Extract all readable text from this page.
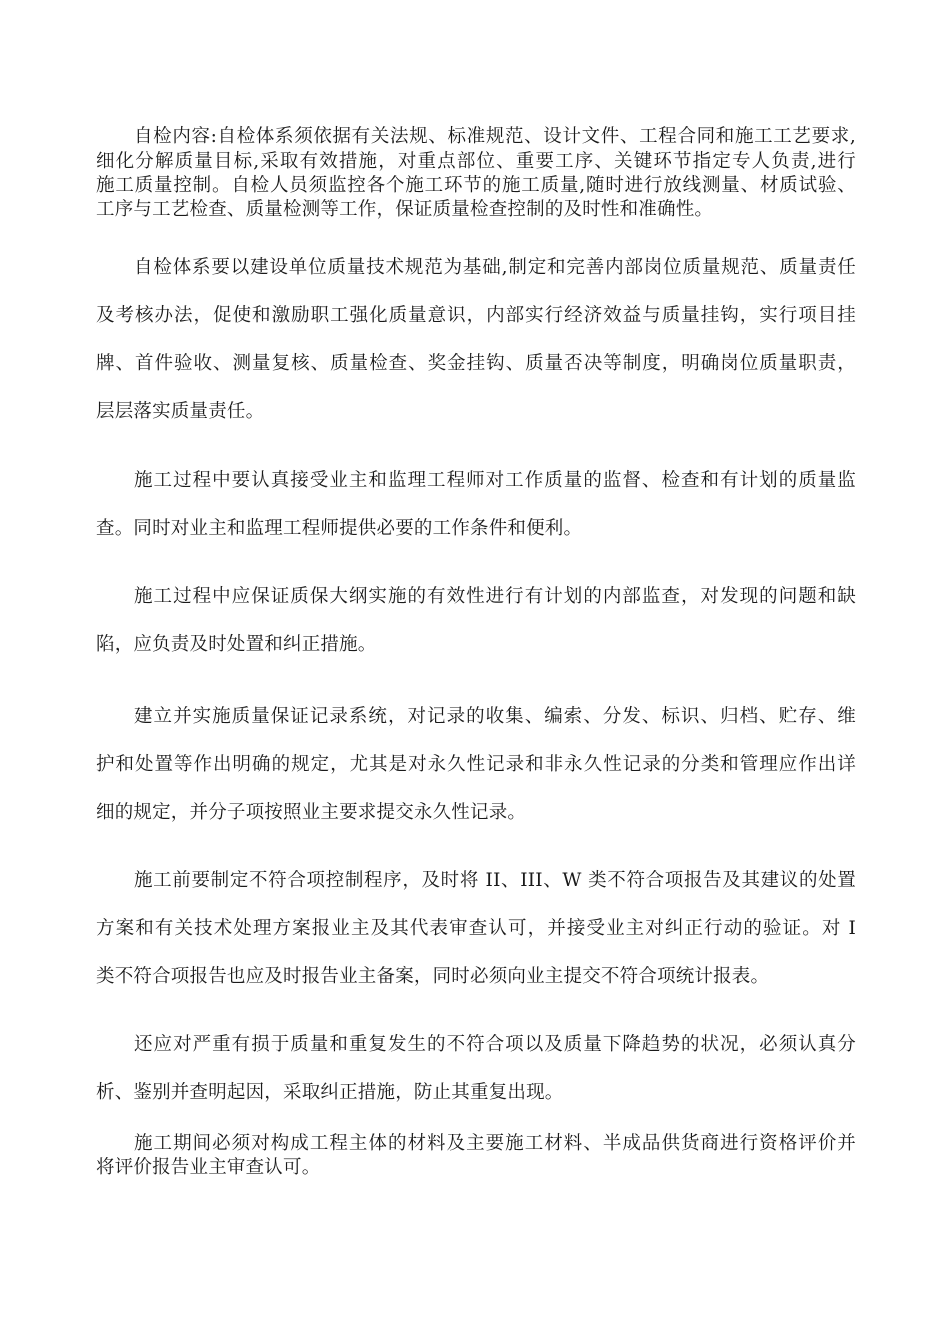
自检内容:自检体系须依据有关法规、标准规范、设计文件、工程合同和施工工艺要求,
细化分解质量目标,采取有效措施，对重点部位、重要工序、关键环节指定专人负责,进行
施工质量控制。自检人员须监控各个施工环节的施工质量,随时进行放线测量、材质试验、
工序与工艺检查、质量检测等工作，保证质量检查控制的及时性和准确性。
自检体系要以建设单位质量技术规范为基础,制定和完善内部岗位质量规范、质量责任
及考核办法，促使和激励职工强化质量意识，内部实行经济效益与质量挂钩，实行项目挂
牌、首件验收、测量复核、质量检查、奖金挂钩、质量否决等制度，明确岗位质量职责，
层层落实质量责任。
施工过程中要认真接受业主和监理工程师对工作质量的监督、检查和有计划的质量监
查。同时对业主和监理工程师提供必要的工作条件和便利。
施工过程中应保证质保大纲实施的有效性进行有计划的内部监查，对发现的问题和缺
陷，应负责及时处置和纠正措施。
建立并实施质量保证记录系统，对记录的收集、编索、分发、标识、归档、贮存、维
护和处置等作出明确的规定，尤其是对永久性记录和非永久性记录的分类和管理应作出详
细的规定，并分子项按照业主要求提交永久性记录。
施工前要制定不符合项控制程序，及时将 II、III、W 类不符合项报告及其建议的处置
方案和有关技术处理方案报业主及其代表审查认可，并接受业主对纠正行动的验证。对 I
类不符合项报告也应及时报告业主备案，同时必须向业主提交不符合项统计报表。
还应对严重有损于质量和重复发生的不符合项以及质量下降趋势的状况，必须认真分
析、鉴别并查明起因，采取纠正措施，防止其重复出现。
施工期间必须对构成工程主体的材料及主要施工材料、半成品供货商进行资格评价并
将评价报告业主审查认可。
